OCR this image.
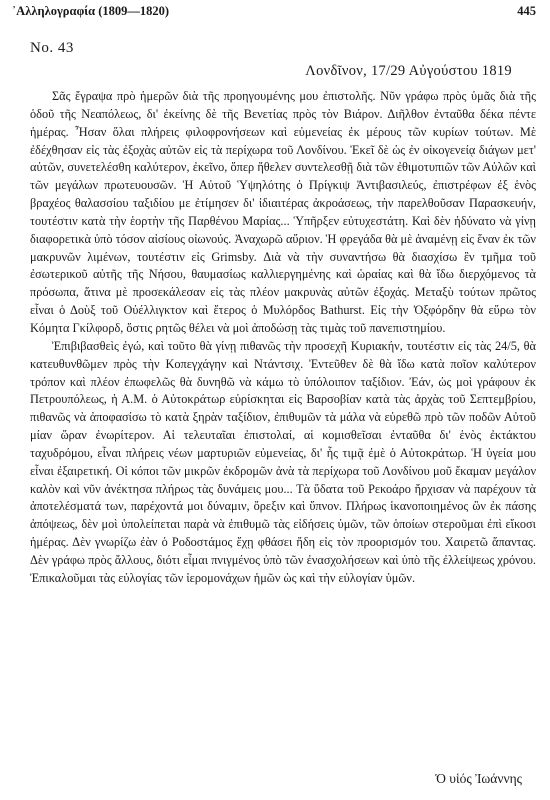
᾿Αλληλογραφία (1809—1820)	445
Νο. 43
Λονδῖνον, 17/29 Αὐγούστου 1819

Σᾶς ἔγραψα πρὸ ἡμερῶν διὰ τῆς προηγουμένης μου ἐπιστολῆς. Νῦν γράφω πρὸς ὑμᾶς διὰ τῆς ὁδοῦ τῆς Νεαπόλεως, δι' ἐκείνης δὲ τῆς Βενετίας πρὸς τὸν Βιάρον. Διῆλθον ἐνταῦθα δέκα πέντε ἡμέρας. Ἦσαν ὅλαι πλήρεις φιλοφρονήσεων καὶ εὐμενείας ἐκ μέρους τῶν κυρίων τούτων. Μὲ ἐδέχθησαν εἰς τὰς ἐξοχὰς αὐτῶν εἰς τὰ περίχωρα τοῦ Λονδίνου. Ἐκεῖ δὲ ὡς ἐν οἰκογενείᾳ διάγων μετ' αὐτῶν, συνετελέσθη καλύτερον, ἐκεῖνο, ὅπερ ἤθελεν συντελεσθῇ διὰ τῶν ἐθιμοτυπιῶν τῶν Αὐλῶν καὶ τῶν μεγάλων πρωτευουσῶν. Ἡ Αὐτοῦ Ὑψηλότης ὁ Πρίγκιψ Ἀντιβασιλεύς, ἐπιστρέφων ἐξ ἑνὸς βραχέος θαλασσίου ταξιδίου με ἐτίμησεν δι' ἰδιαιτέρας ἀκροάσεως, τὴν παρελθοῦσαν Παρασκευήν, τουτέστιν κατὰ τὴν ἑορτὴν τῆς Παρθένου Μαρίας... Ὑπῆρξεν εὐτυχεστάτη. Καὶ δὲν ἠδύνατο νὰ γίνῃ διαφορετικὰ ὑπὸ τόσον αἰσίους οἰωνούς. Ἀναχωρῶ αὔριον. Ἡ φρεγάδα θὰ μὲ ἀναμένῃ εἰς ἕναν ἐκ τῶν μακρυνῶν λιμένων, τουτέστιν εἰς Grimsby. Διὰ νὰ τὴν συναντήσω θὰ διασχίσω ἓν τμῆμα τοῦ ἐσωτερικοῦ αὐτῆς τῆς Νήσου, θαυμασίως καλλιεργημένης καὶ ὡραίας καὶ θὰ ἴδω διερχόμενος τὰ πρόσωπα, ἅτινα μὲ προσεκάλεσαν εἰς τὰς πλέον μακρυνὰς αὐτῶν ἐξοχάς. Μεταξὺ τούτων πρῶτος εἶναι ὁ Δοὺξ τοῦ Οὐέλλιγκτον καὶ ἕτερος ὁ Μυλόρδος Bathurst. Εἰς τὴν Ὀξφόρδην θὰ εὕρω τὸν Κόμητα Γκίλφορδ, ὅστις ρητῶς θέλει νὰ μοὶ ἀποδώσῃ τὰς τιμὰς τοῦ πανεπιστημίου.

Ἐπιβιβασθεὶς ἐγώ, καὶ τοῦτο θὰ γίνῃ πιθανῶς τὴν προσεχῆ Κυριακήν, τουτέστιν εἰς τὰς 24/5, θὰ κατευθυνθῶμεν πρὸς τὴν Κοπεγχάγην καὶ Ντάντσιχ. Ἐντεῦθεν δὲ θὰ ἴδω κατὰ ποῖον καλύτερον τρόπον καὶ πλέον ἐπωφελῶς θὰ δυνηθῶ νὰ κάμω τὸ ὑπόλοιπον ταξίδιον. Ἐάν, ὡς μοὶ γράφουν ἐκ Πετρουπόλεως, ἡ Α.Μ. ὁ Αὐτοκράτωρ εὑρίσκηται εἰς Βαρσοβίαν κατὰ τὰς ἀρχὰς τοῦ Σεπτεμβρίου, πιθανῶς νὰ ἀποφασίσω τὸ κατὰ ξηρὰν ταξίδιον, ἐπιθυμῶν τὰ μάλα νὰ εὑρεθῶ πρὸ τῶν ποδῶν Αὐτοῦ μίαν ὥραν ἐνωρίτερον. Αἱ τελευταῖαι ἐπιστολαί, αἱ κομισθεῖσαι ἐνταῦθα δι' ἑνὸς ἐκτάκτου ταχυδρόμου, εἶναι πλήρεις νέων μαρτυριῶν εὐμενείας, δι' ἧς τιμᾷ ἐμὲ ὁ Αὐτοκράτωρ. Ἡ ὑγεία μου εἶναι ἐξαιρετική. Οἱ κόποι τῶν μικρῶν ἐκδρομῶν ἀνὰ τὰ περίχωρα τοῦ Λονδίνου μοῦ ἔκαμαν μεγάλον καλὸν καὶ νῦν ἀνέκτησα πλήρως τὰς δυνάμεις μου... Τὰ ὕδατα τοῦ Ρεκοάρο ἤρχισαν νὰ παρέχουν τὰ ἀποτελέσματά των, παρέχοντά μοι δύναμιν, ὄρεξιν καὶ ὕπνον. Πλήρως ἱκανοποιημένος ὢν ἐκ πάσης ἀπόψεως, δὲν μοὶ ὑπολείπεται παρὰ νὰ ἐπιθυμῶ τὰς εἰδήσεις ὑμῶν, τῶν ὁποίων στεροῦμαι ἐπὶ εἴκοσι ἡμέρας. Δὲν γνωρίζω ἐὰν ὁ Ροδοστάμος ἔχῃ φθάσει ἤδη εἰς τὸν προορισμόν του. Χαιρετῶ ἅπαντας. Δὲν γράφω πρὸς ἄλλους, διότι εἶμαι πνιγμένος ὑπὸ τῶν ἐνασχολήσεων καὶ ὑπὸ τῆς ἐλλείψεως χρόνου. Ἐπικαλοῦμαι τὰς εὐλογίας τῶν ἱερομονάχων ἡμῶν ὡς καὶ τὴν εὐλογίαν ὑμῶν.

Ὁ υἱός Ἰωάννης
